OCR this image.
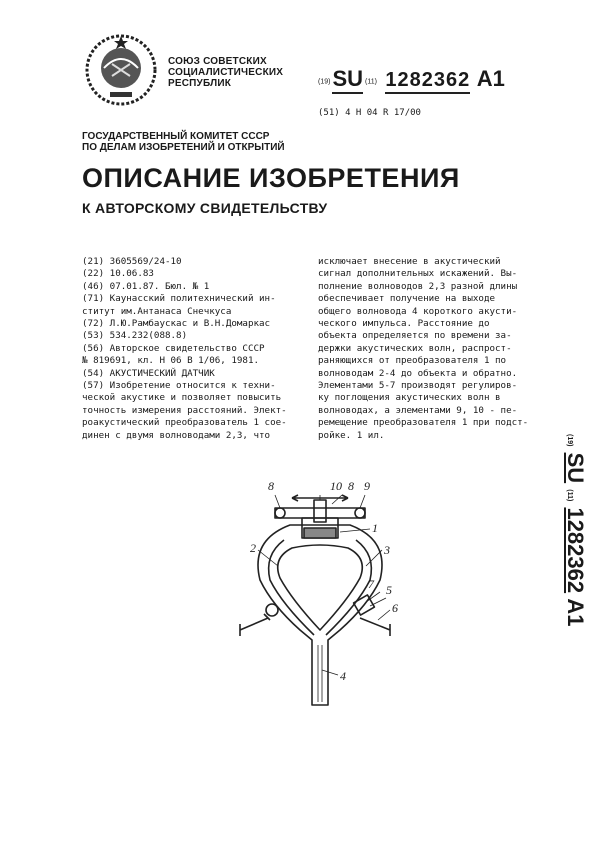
СОЮЗ СОВЕТСКИХ
СОЦИАЛИСТИЧЕСКИХ
РЕСПУБЛИК	(19)SU (11) 1282362 A1
(51) 4 H 04 R 17/00
ГОСУДАРСТВЕННЫЙ КОМИТЕТ СССР
ПО ДЕЛАМ ИЗОБРЕТЕНИЙ И ОТКРЫТИЙ
ОПИСАНИЕ ИЗОБРЕТЕНИЯ
К АВТОРСКОМУ СВИДЕТЕЛЬСТВУ
(21) 3605569/24-10
(22) 10.06.83
(46) 07.01.87. Бюл. № 1
(71) Каунасский политехнический ин-
ститут им.Антанаса Снечкуса
(72) Л.Ю.Рамбаускас и В.Н.Домаркас
(53) 534.232(088.8)
(56) Авторское свидетельство СССР
№ 819691, кл. Н 06 В 1/06, 1981.
(54) АКУСТИЧЕСКИЙ ДАТЧИК
(57) Изобретение относится к техни-
ческой акустике и позволяет повысить
точность измерения расстояний. Элект-
роакустический преобразователь 1 сое-
динен с двумя волноводами 2,3, что
исключает внесение в акустический
сигнал дополнительных искажений. Вы-
полнение волноводов 2,3 разной длины
обеспечивает получение на выходе
общего волновода 4 короткого акусти-
ческого импульса. Расстояние до
объекта определяется по времени за-
держки акустических волн, распрост-
раняющихся от преобразователя 1 по
волноводам 2-4 до объекта и обратно.
Элементами 5-7 производят регулиров-
ку поглощения акустических волн в
волноводах, а элементами 9, 10 - пе-
ремещение преобразователя 1 при подст-
ройке. 1 ил.	(19) SU (11) 1282362 A1
2	3
1
4
7 5
6
8	10 8 9
